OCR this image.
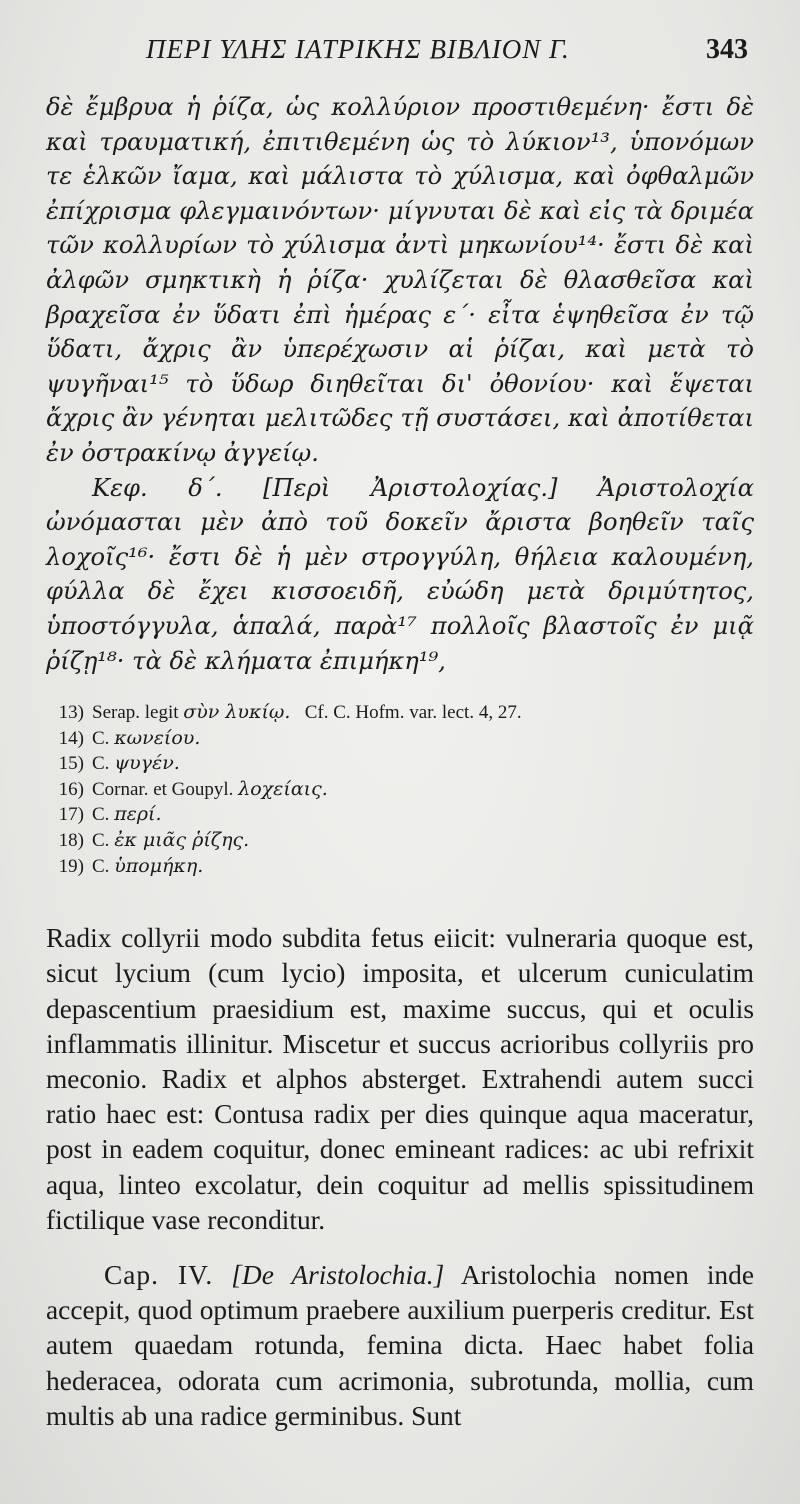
ΠΕΡΙ ΥΛΗΣ ΙΑΤΡΙΚΗΣ ΒΙΒΛΙΟΝ Γ.	343

δὲ ἔμβρυα ἡ ῥίζα, ὡς κολλύριον προστιθεμένη· ἔστι δὲ καὶ τραυματική, ἐπιτιθεμένη ὡς τὸ λύκιον¹³, ὑπονόμων τε ἑλκῶν ἴαμα, καὶ μάλιστα τὸ χύλισμα, καὶ ὀφθαλμῶν ἐπίχρισμα φλεγμαινόντων· μίγνυται δὲ καὶ εἰς τὰ δριμέα τῶν κολλυρίων τὸ χύλισμα ἀντὶ μηκωνίου¹⁴· ἔστι δὲ καὶ ἀλφῶν σμηκτικὴ ἡ ῥίζα· χυλίζεται δὲ θλασθεῖσα καὶ βραχεῖσα ἐν ὕδατι ἐπὶ ἡμέρας ε΄· εἶτα ἑψηθεῖσα ἐν τῷ ὕδατι, ἄχρις ἂν ὑπερέχωσιν αἱ ῥίζαι, καὶ μετὰ τὸ ψυγῆναι¹⁵ τὸ ὕδωρ διηθεῖται δι' ὀθονίου· καὶ ἕψεται ἄχρις ἂν γένηται μελιτῶδες τῇ συστάσει, καὶ ἀποτίθεται ἐν ὀστρακίνῳ ἀγγείῳ.

Κεφ. δ΄. [Περὶ Ἀριστολοχίας.] Ἀριστολοχία ὠνόμασται μὲν ἀπὸ τοῦ δοκεῖν ἄριστα βοηθεῖν ταῖς λοχοῖς¹⁶· ἔστι δὲ ἡ μὲν στρογγύλη, θήλεια καλουμένη, φύλλα δὲ ἔχει κισσοειδῆ, εὐώδη μετὰ δριμύτητος, ὑποστόγγυλα, ἁπαλά, παρὰ¹⁷ πολλοῖς βλαστοῖς ἐν μιᾷ ῥίζῃ¹⁸· τὰ δὲ κλήματα ἐπιμήκη¹⁹,

13) Serap. legit σὺν λυκίῳ.   Cf. C. Hofm. var. lect. 4, 27.
14) C. κωνείου.
15) C. ψυγέν.
16) Cornar. et Goupyl. λοχείαις.
17) C. περί.
18) C. ἐκ μιᾶς ῥίζης.
19) C. ὑπομήκη.

Radix collyrii modo subdita fetus eiicit: vulneraria quoque est, sicut lycium (cum lycio) imposita, et ulcerum cuniculatim depascentium praesidium est, maxime succus, qui et oculis inflammatis illinitur. Miscetur et succus acrioribus collyriis pro meconio. Radix et alphos absterget. Extrahendi autem succi ratio haec est: Contusa radix per dies quinque aqua maceratur, post in eadem coquitur, donec emineant radices: ac ubi refrixit aqua, linteo excolatur, dein coquitur ad mellis spissitudinem fictilique vase reconditur.

Cap. IV. [De Aristolochia.] Aristolochia nomen inde accepit, quod optimum praebere auxilium puerperis creditur. Est autem quaedam rotunda, femina dicta. Haec habet folia hederacea, odorata cum acrimonia, subrotunda, mollia, cum multis ab una radice germinibus. Sunt
